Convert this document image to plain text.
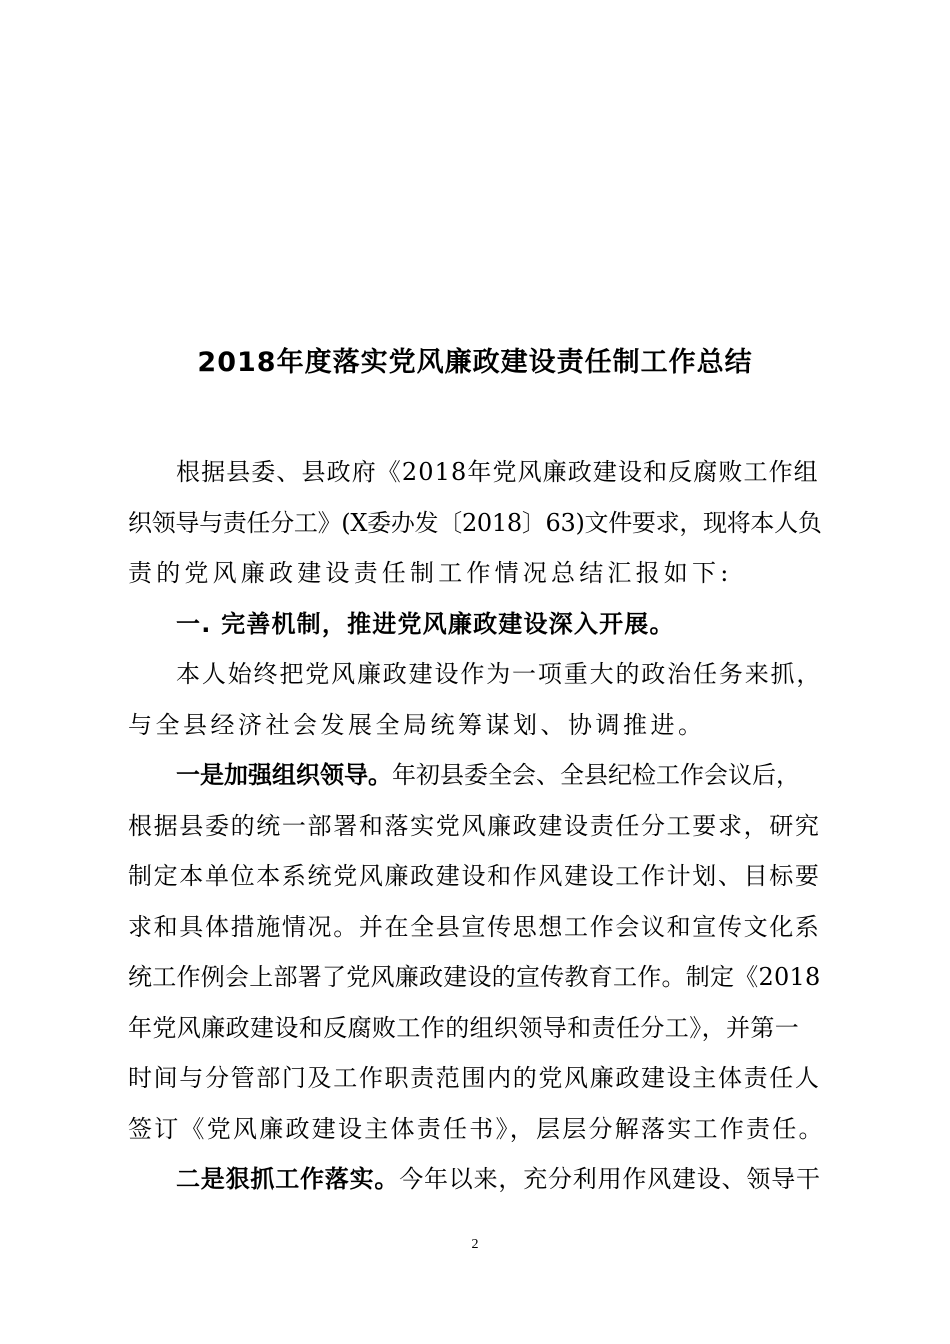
2018年度落实党风廉政建设责任制工作总结
根据县委、县政府《2018年党风廉政建设和反腐败工作组
织领导与责任分工》(X委办发〔2018〕63)文件要求，现将本人负
责的党风廉政建设责任制工作情况总结汇报如下:
一. 完善机制，推进党风廉政建设深入开展。
本人始终把党风廉政建设作为一项重大的政治任务来抓，
与全县经济社会发展全局统筹谋划、协调推进。
一是加强组织领导。年初县委全会、全县纪检工作会议后，
根据县委的统一部署和落实党风廉政建设责任分工要求，研究
制定本单位本系统党风廉政建设和作风建设工作计划、目标要
求和具体措施情况。并在全县宣传思想工作会议和宣传文化系
统工作例会上部署了党风廉政建设的宣传教育工作。制定《2018
年党风廉政建设和反腐败工作的组织领导和责任分工》，并第一
时间与分管部门及工作职责范围内的党风廉政建设主体责任人
签订《党风廉政建设主体责任书》，层层分解落实工作责任。
二是狠抓工作落实。今年以来，充分利用作风建设、领导干
2
